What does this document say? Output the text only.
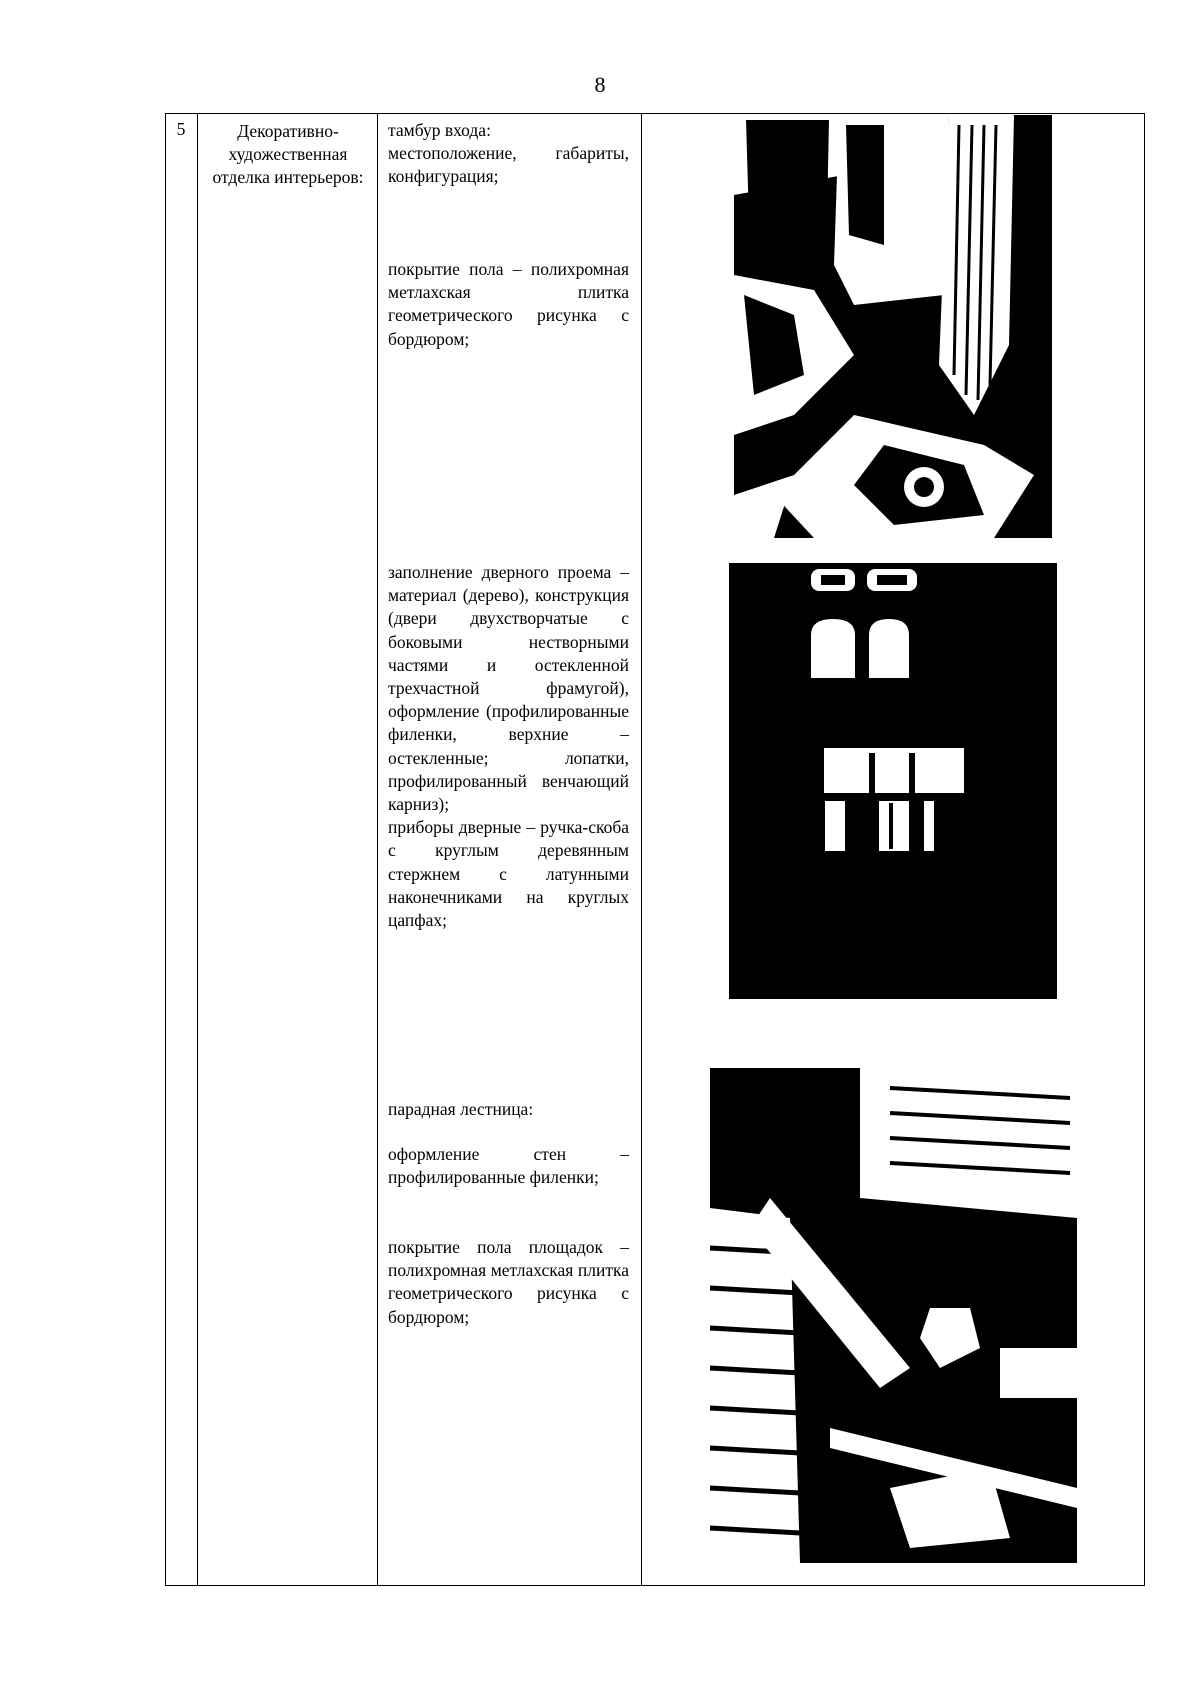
8
5	Декоративно-художественная отделка интерьеров:

тамбур входа:

местоположение, габариты, конфигурация;

покрытие пола – полихромная метлахская плитка геометрического рисунка с бордюром;

заполнение дверного проема – материал (дерево), конструкция (двери двухстворчатые с боковыми нестворными частями и остекленной трехчастной фрамугой), оформление (профилированные филенки, верхние – остекленные; лопатки, профилированный венчающий карниз);

приборы дверные – ручка-скоба с круглым деревянным стержнем с латунными наконечниками на круглых цапфах;

парадная лестница:
оформление стен – профилированные филенки;
покрытие пола площадок – полихромная метлахская плитка геометрического рисунка с бордюром;
